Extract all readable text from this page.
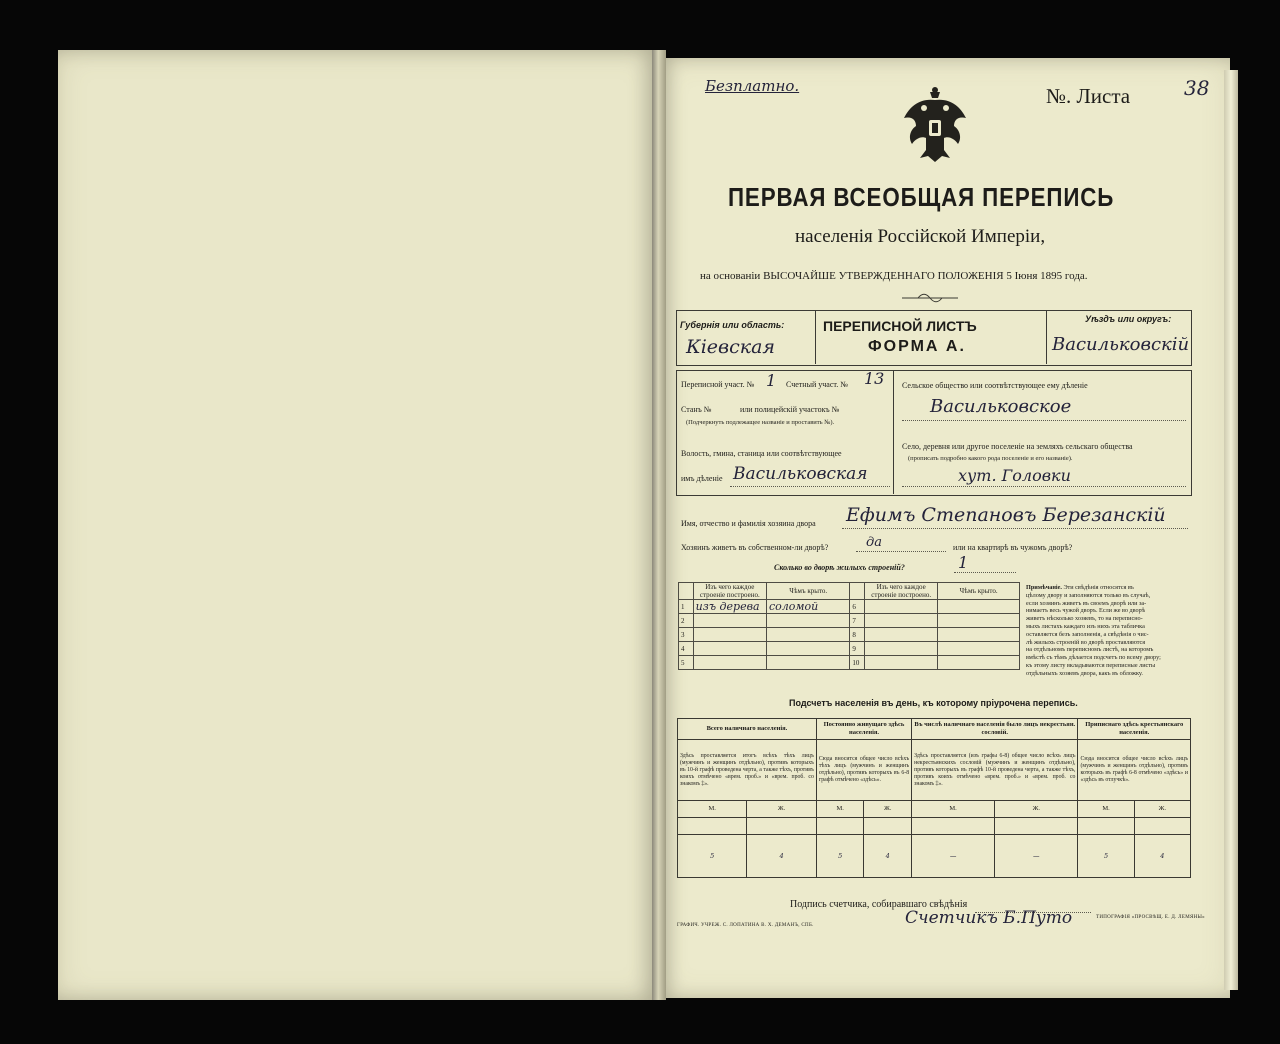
Безплатно.	№. Листа	38

ПЕРВАЯ ВСЕОБЩАЯ ПЕРЕПИСЬ

населенія Россійской Имперіи,

на основаніи ВЫСОЧАЙШЕ УТВЕРЖДЕННАГО ПОЛОЖЕНІЯ 5 Іюня 1895 года.

Губернія или область:

Кіевская

ПЕРЕПИСНОЙ ЛИСТЪ

ФОРМА А.

Уѣздъ или округъ:

Васильковскій

Переписной участ. № 1 Счетный участ. № 13

Станъ №	или полицейскій участокъ №

(Подчеркнуть подлежащее названіе и проставить №).

Волость, гмина, станица или соотвѣтствующее

имъ дѣленіе Васильковская

Сельское общество или соотвѣтствующее ему дѣленіе

Васильковское

Село, деревня или другое поселеніе на земляхъ сельскаго общества

(прописать подробно какого рода поселеніе и его названіе).

хут. Головки

Имя, отчество и фамилія хозяина двора Ефимъ Степановъ Березанскій

Хозяинъ живетъ въ собственном-ли дворѣ?	да	или на квартирѣ въ чужомъ дворѣ?

Сколько во дворѣ жилыхъ строеній?	1

	Изъ чего каждое строеніе построено.	Чѣмъ крыто.		Изъ чего каждое строеніе построено.	Чѣмъ крыто.
1	изъ дерева	соломой	6		
2			7		
3			8		
4			9		
5			10		
Примѣчаніе. Эти свѣдѣнія относятся въ
цѣлому двору и заполняются только въ случаѣ,
если хозяинъ живетъ въ своемъ дворѣ или за-
нимаетъ весь чужой дворъ. Если же во дворѣ
живетъ нѣсколько хозяевъ, то на переписно-
мыхъ листахъ каждаго изъ нихъ эта табличка
оставляется безъ заполненія, а свѣдѣнія о чис-
лѣ жилыхъ строеній во дворѣ проставляются
на отдѣльномъ переписномъ листѣ, на которомъ
вмѣстѣ съ тѣмъ дѣлается подсчетъ по всему двору;
къ этому листу вкладываются переписные листы
отдѣльныхъ хозяевъ двора, какъ въ обложку.

Подсчетъ населенія въ день, къ которому пріурочена перепись.

Всего наличнаго населенія.		Постоянно живущаго здѣсь населенія.		Въ числѣ наличнаго населенія было лицъ некрестьян. сословій.		Приписнаго здѣсь крестьянскаго населенія.	
Здѣсь проставляется итогъ всѣхъ тѣхъ лицъ (мужчинъ и женщинъ отдѣльно), противъ которыхъ въ 10-й графѣ проведена черта, а также тѣхъ, противъ коихъ отмѣчено «врем. проб.» и «врем. проб. со знакомъ ‡».		Сюда вносится общее число всѣхъ тѣхъ лицъ (мужчинъ и женщинъ отдѣльно), противъ которыхъ въ 6-8 графѣ отмѣчено «здѣсь».		Здѣсь проставляется (изъ графы 6-8) общее число всѣхъ лицъ некрестьянскихъ сословій (мужчинъ и женщинъ отдѣльно), противъ которыхъ въ графѣ 10-й проведена черта, а также тѣхъ, противъ коихъ отмѣчено «врем. проб.» и «врем. проб. со знакомъ ‡».		Сюда вносится общее число всѣхъ лицъ (мужчинъ и женщинъ отдѣльно), противъ которыхъ въ графѣ 6-8 отмѣчено «здѣсь» и «здѣсь въ отлучкѣ».	
М.	Ж.	М.	Ж.	М.	Ж.	М.	Ж.

5	4	5	4	—	—	5	4

Подпись счетчика, собиравшаго свѣдѣнія

Счетчикъ Б.Путо

ГРАФИЧ. УЧРЕЖ. С. ЛОПАТИНА В. Х. ДЕМАНЪ, СПБ.

ТИПОГРАФІЯ «ПРОСВѢЩ. Е. Д. ЛЕМЯНЫ»
